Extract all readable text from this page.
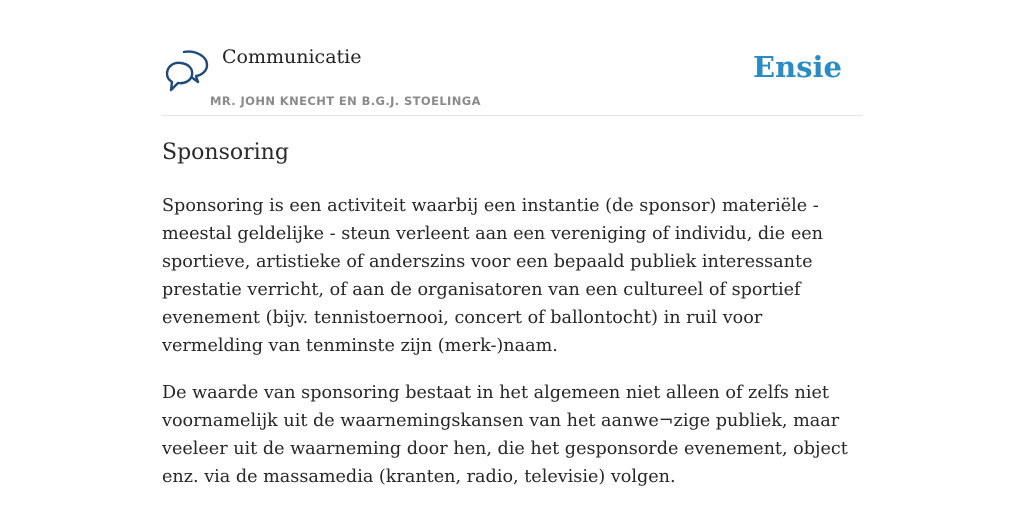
Communicatie
MR. JOHN KNECHT EN B.G.J. STOELINGA
Ensie
Sponsoring

Sponsoring is een activiteit waarbij een instantie (de sponsor) materiële - meestal geldelijke - steun verleent aan een vereniging of individu, die een sportieve, artistieke of anderszins voor een bepaald publiek interessante prestatie verricht, of aan de organisatoren van een cultureel of sportief evenement (bijv. tennistoernooi, concert of ballontocht) in ruil voor vermelding van tenminste zijn (merk-)naam.

De waarde van sponsoring bestaat in het algemeen niet alleen of zelfs niet voornamelijk uit de waarnemingskansen van het aanwe¬zige publiek, maar veeleer uit de waarneming door hen, die het gesponsorde evenement, object enz. via de massamedia (kranten, radio, televisie) volgen.
